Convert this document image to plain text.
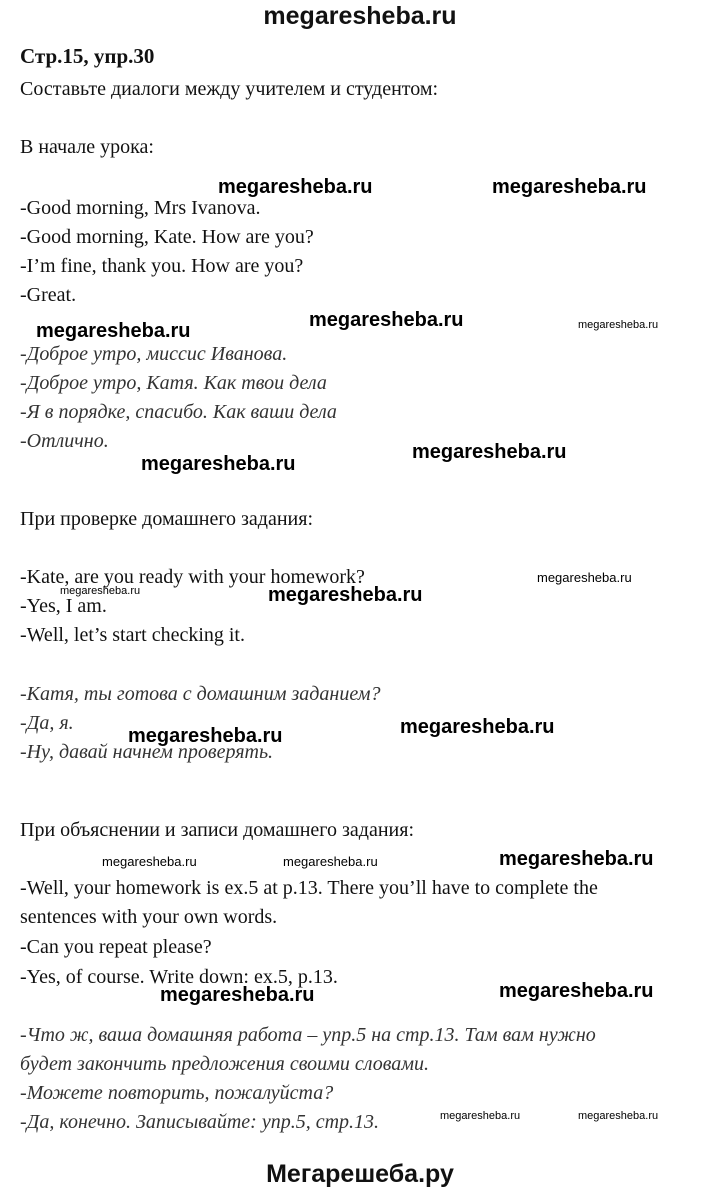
megaresheba.ru
Стр.15, упр.30
Составьте диалоги между учителем и студентом:
В начале урока:
-Good morning, Mrs Ivanova.
-Good morning, Kate. How are you?
-I’m fine, thank you. How are you?
-Great.
-Доброе утро, миссис Иванова.
-Доброе утро, Катя. Как твои дела
-Я в порядке, спасибо. Как ваши дела
-Отлично.
При проверке домашнего задания:
-Kate, are you ready with your homework?
-Yes, I am.
-Well, let’s start checking it.
-Катя, ты готова с домашним заданием?
-Да, я.
-Ну, давай начнем проверять.
При объяснении и записи домашнего задания:
-Well, your homework is ex.5 at p.13. There you’ll have to complete the
sentences with your own words.
-Can you repeat please?
-Yes, of course. Write down: ex.5, p.13.
-Что ж, ваша домашняя работа – упр.5 на стр.13. Там вам нужно
будет закончить предложения своими словами.
-Можете повторить, пожалуйста?
-Да, конечно. Записывайте: упр.5, стр.13.
megaresheba.ru	megaresheba.ru
megaresheba.ru	megaresheba.ru	megaresheba.ru
megaresheba.ru
megaresheba.ru
megaresheba.ru
megaresheba.ru	megaresheba.ru
megaresheba.ru	megaresheba.ru
megaresheba.ru	megaresheba.ru	megaresheba.ru
megaresheba.ru	megaresheba.ru
megaresheba.ru	megaresheba.ru
Мегарешеба.ру
